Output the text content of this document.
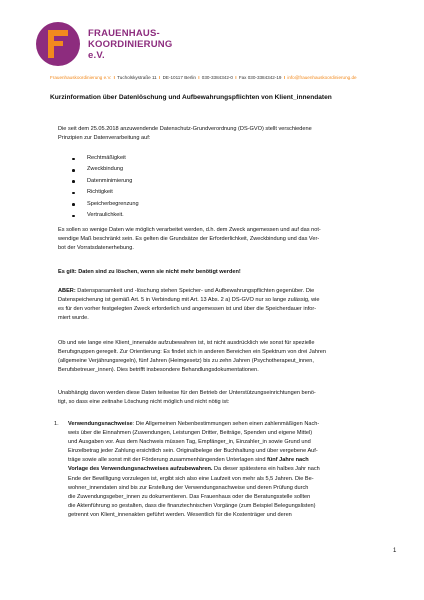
FRAUENHAUS-
KOORDINIERUNG e.V.
Frauenhauskoordinierung e.V. I Tucholskystraße 11 I DE-10117 Berlin I 030-3384342-0 I Fax 030-3384342-19 I info@frauenhauskoordinierung.de
Kurzinformation über Datenlöschung und Aufbewahrungspflichten von Klient_innendaten

Die seit dem 25.05.2018 anzuwendende Datenschutz-Grundverordnung (DS-GVO) stellt verschiedene

Prinzipien zur Datenverarbeitung auf:

Rechtmäßigkeit
Zweckbindung
Datenminimierung
Richtigkeit
Speicherbegrenzung
Vertraulichkeit.

Es sollen so wenige Daten wie möglich verarbeitet werden, d.h. dem Zweck angemessen und auf das not-

wendige Maß beschränkt sein. Es gelten die Grundsätze der Erforderlichkeit, Zweckbindung und das Ver-

bot der Vorratsdatenerhebung.

Es gilt: Daten sind zu löschen, wenn sie nicht mehr benötigt werden!

ABER: Datensparsamkeit und -löschung stehen Speicher- und Aufbewahrungspflichten gegenüber. Die

Datenspeicherung ist gemäß Art. 5 in Verbindung mit Art. 13 Abs. 2 a) DS-GVO nur so lange zulässig, wie

es für den vorher festgelegten Zweck erforderlich und angemessen ist und über die Speicherdauer infor-

miert wurde.

Ob und wie lange eine Klient_innenakte aufzubewahren ist, ist nicht ausdrücklich wie sonst für spezielle

Berufsgruppen geregelt. Zur Orientierung: Es findet sich in anderen Bereichen ein Spektrum von drei Jahren

(allgemeine Verjährungsregeln), fünf Jahren (Heimgesetz) bis zu zehn Jahren (Psychotherapeut_innen,

Berufsbetreuer_innen). Dies betrifft insbesondere Behandlungsdokumentationen.

Unabhängig davon werden diese Daten teilweise für den Betrieb der Unterstützungseinrichtungen benö-

tigt, so dass eine zeitnahe Löschung nicht möglich und nicht nötig ist:

1. Verwendungsnachweise: Die Allgemeinen Nebenbestimmungen sehen einen zahlenmäßigen Nach-

weis über die Einnahmen (Zuwendungen, Leistungen Dritter, Beiträge, Spenden und eigene Mittel)

und Ausgaben vor. Aus dem Nachweis müssen Tag, Empfänger_in, Einzahler_in sowie Grund und

Einzelbetrag jeder Zahlung ersichtlich sein. Originalbelege der Buchhaltung und über vergebene Auf-

träge sowie alle sonst mit der Förderung zusammenhängenden Unterlagen sind fünf Jahre nach

Vorlage des Verwendungsnachweises aufzubewahren. Da dieser spätestens ein halbes Jahr nach

Ende der Bewilligung vorzulegen ist, ergibt sich also eine Laufzeit von mehr als 5,5 Jahren. Die Be-

wohner_innendaten sind bis zur Erstellung der Verwendungsnachweise und deren Prüfung durch

die Zuwendungsgeber_innen zu dokumentieren. Das Frauenhaus oder die Beratungsstelle sollten

die Aktenführung so gestalten, dass die finanztechnischen Vorgänge (zum Beispiel Belegungslisten)

getrennt von Klient_innenakten geführt werden. Wesentlich für die Kostenträger und deren

1
